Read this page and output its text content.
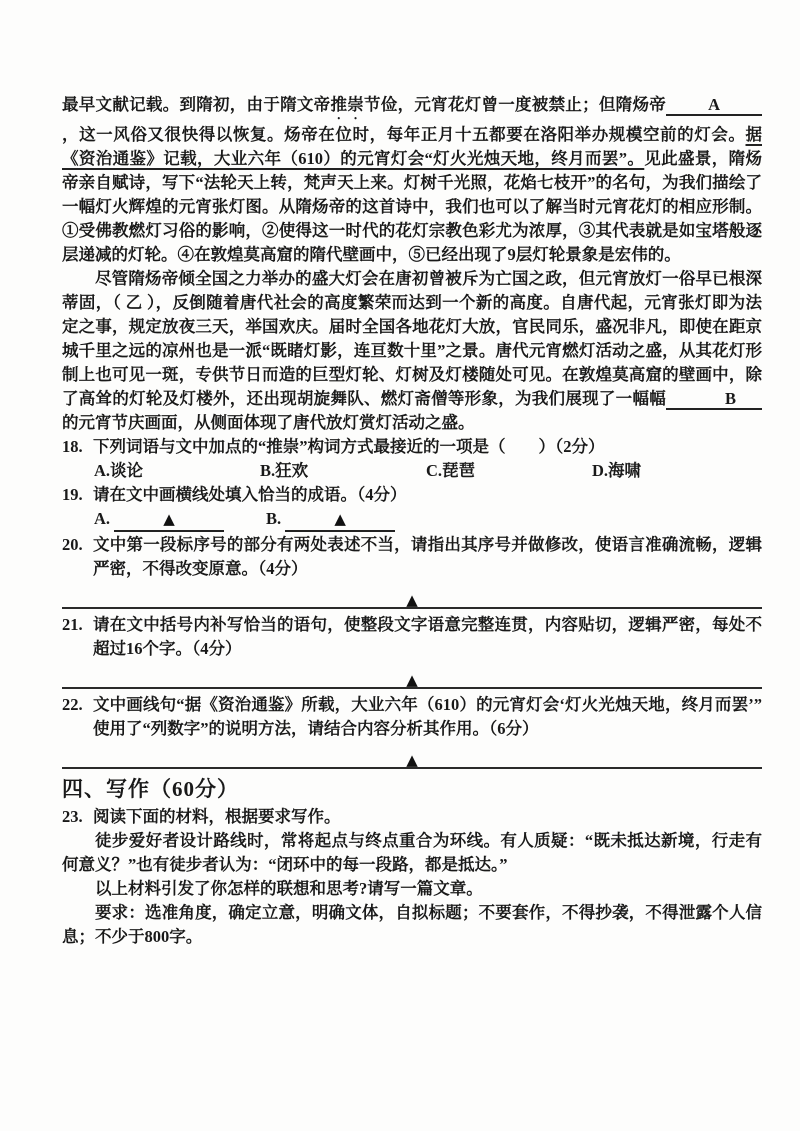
最早文献记载。到隋初，由于隋文帝推崇节俭，元宵花灯曾一度被禁止；但隋炀帝	A，这一风俗又很快得以恢复。炀帝在位时，每年正月十五都要在洛阳举办规模空前的灯会。据《资治通鉴》记载，大业六年（610）的元宵灯会“灯火光烛天地，终月而罢”。见此盛景，隋炀帝亲自赋诗，写下“法轮天上转，梵声天上来。灯树千光照，花焰七枝开”的名句，为我们描绘了一幅灯火辉煌的元宵张灯图。从隋炀帝的这首诗中，我们也可以了解当时元宵花灯的相应形制。①受佛教燃灯习俗的影响，②使得这一时代的花灯宗教色彩尤为浓厚，③其代表就是如宝塔般逐层递减的灯轮。④在敦煌莫高窟的隋代壁画中，⑤已经出现了9层灯轮景象是宏伟的。

尽管隋炀帝倾全国之力举办的盛大灯会在唐初曾被斥为亡国之政，但元宵放灯一俗早已根深蒂固，（ 乙 ），反倒随着唐代社会的高度繁荣而达到一个新的高度。自唐代起，元宵张灯即为法定之事，规定放夜三天，举国欢庆。届时全国各地花灯大放，官民同乐，盛况非凡，即使在距京城千里之远的凉州也是一派“既睹灯影，连亘数十里”之景。唐代元宵燃灯活动之盛，从其花灯形制上也可见一斑，专供节日而造的巨型灯轮、灯树及灯楼随处可见。在敦煌莫高窟的壁画中，除了高耸的灯轮及灯楼外，还出现胡旋舞队、燃灯斋僧等形象，为我们展现了一幅幅	B的元宵节庆画面，从侧面体现了唐代放灯赏灯活动之盛。

18. 下列词语与文中加点的“推崇”构词方式最接近的一项是（　　）（2分）
A.谈论	B.狂欢	C.琵琶	D.海啸
19. 请在文中画横线处填入恰当的成语。（4分）
A.	▲	B.	▲
20. 文中第一段标序号的部分有两处表述不当，请指出其序号并做修改，使语言准确流畅，逻辑严密，不得改变原意。（4分）
▲
21. 请在文中括号内补写恰当的语句，使整段文字语意完整连贯，内容贴切，逻辑严密，每处不超过16个字。（4分）
▲
22. 文中画线句“据《资治通鉴》所载，大业六年（610）的元宵灯会‘灯火光烛天地，终月而罢’”使用了“列数字”的说明方法，请结合内容分析其作用。（6分）
▲
四、写作（60分）
23. 阅读下面的材料，根据要求写作。

徒步爱好者设计路线时，常将起点与终点重合为环线。有人质疑：“既未抵达新境，行走有何意义？”也有徒步者认为：“闭环中的每一段路，都是抵达。”

以上材料引发了你怎样的联想和思考?请写一篇文章。

要求：选准角度，确定立意，明确文体，自拟标题；不要套作，不得抄袭，不得泄露个人信息；不少于800字。
